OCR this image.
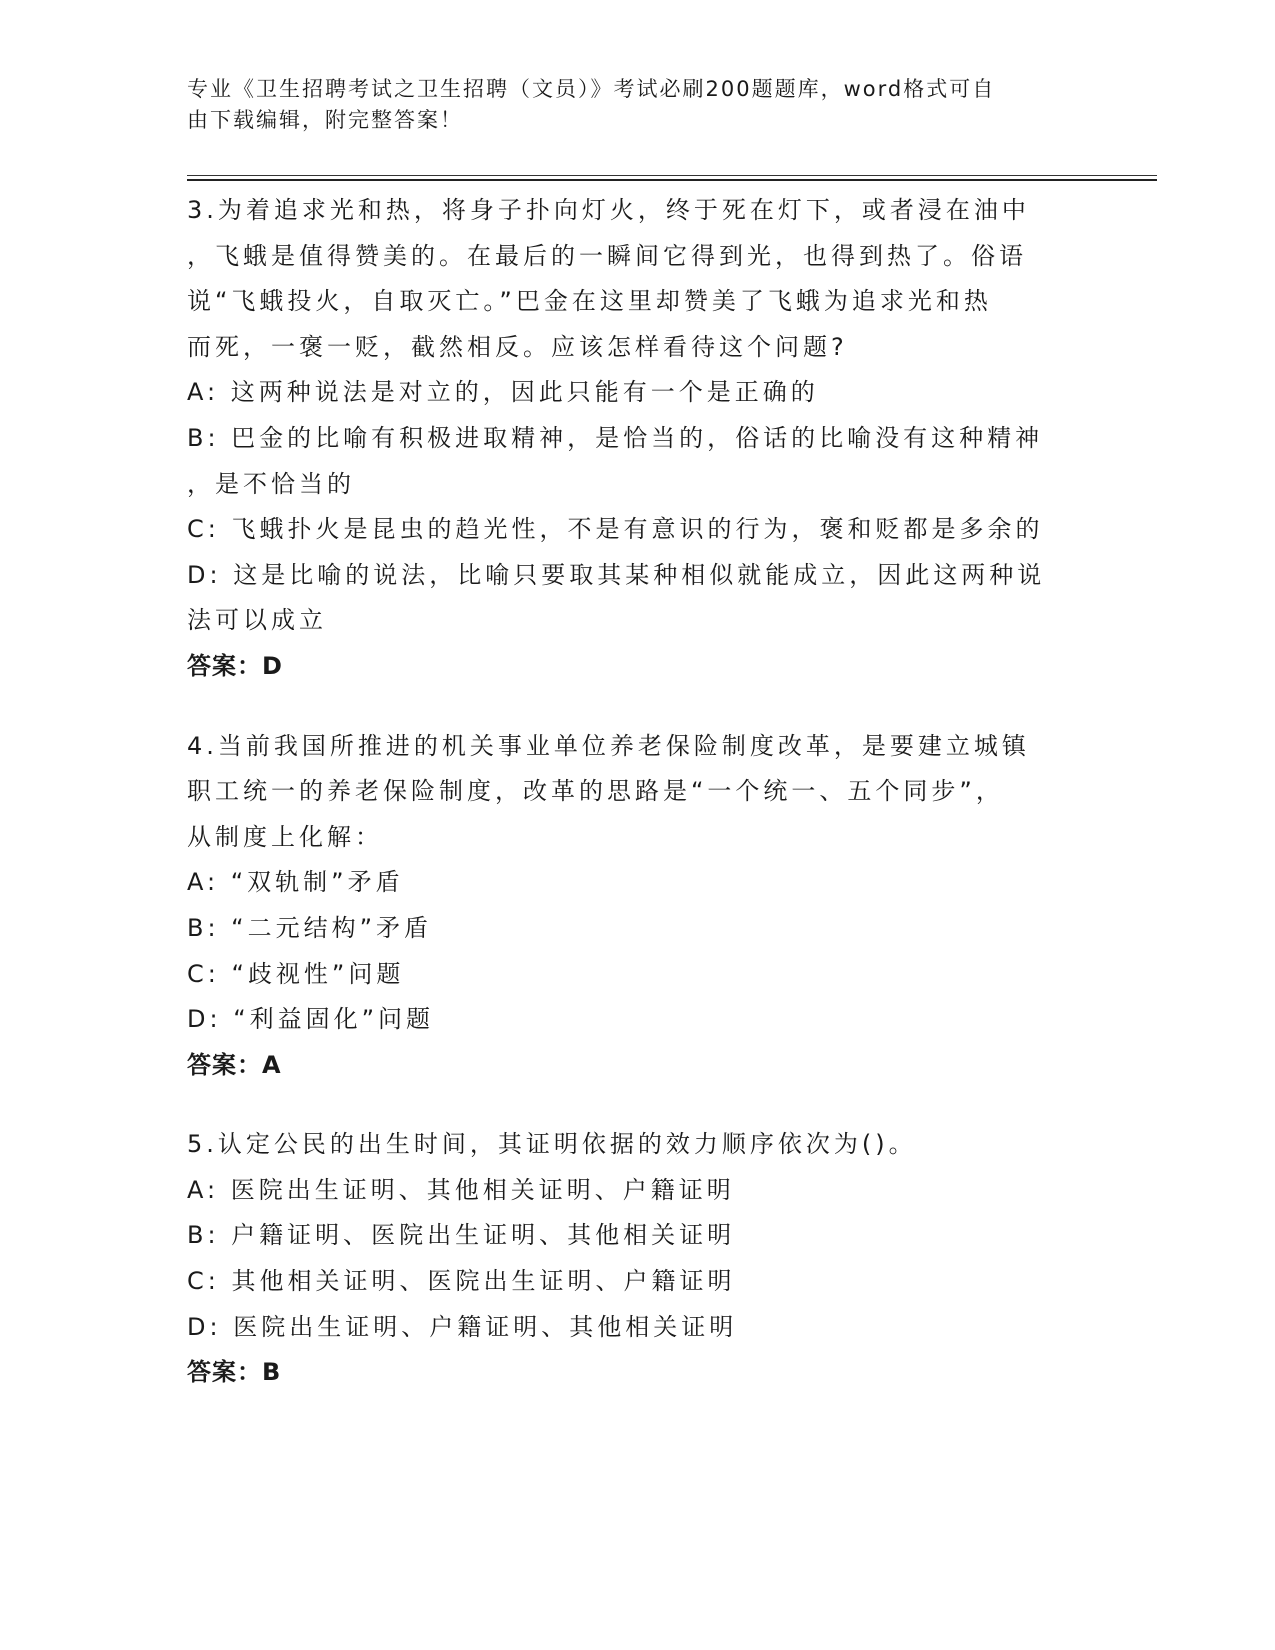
专业《卫生招聘考试之卫生招聘（文员）》考试必刷200题题库，word格式可自
由下载编辑，附完整答案！
3.为着追求光和热，将身子扑向灯火，终于死在灯下，或者浸在油中
，飞蛾是值得赞美的。在最后的一瞬间它得到光，也得到热了。俗语
说“飞蛾投火，自取灭亡。”巴金在这里却赞美了飞蛾为追求光和热
而死，一褒一贬，截然相反。应该怎样看待这个问题?
A: 这两种说法是对立的，因此只能有一个是正确的
B: 巴金的比喻有积极进取精神，是恰当的，俗话的比喻没有这种精神
，是不恰当的
C: 飞蛾扑火是昆虫的趋光性，不是有意识的行为，褒和贬都是多余的
D: 这是比喻的说法，比喻只要取其某种相似就能成立，因此这两种说
法可以成立
答案：D
4.当前我国所推进的机关事业单位养老保险制度改革，是要建立城镇
职工统一的养老保险制度，改革的思路是“一个统一、五个同步”，
从制度上化解：
A: “双轨制”矛盾
B: “二元结构”矛盾
C: “歧视性”问题
D: “利益固化”问题
答案：A
5.认定公民的出生时间，其证明依据的效力顺序依次为()。
A: 医院出生证明、其他相关证明、户籍证明
B: 户籍证明、医院出生证明、其他相关证明
C: 其他相关证明、医院出生证明、户籍证明
D: 医院出生证明、户籍证明、其他相关证明
答案：B
